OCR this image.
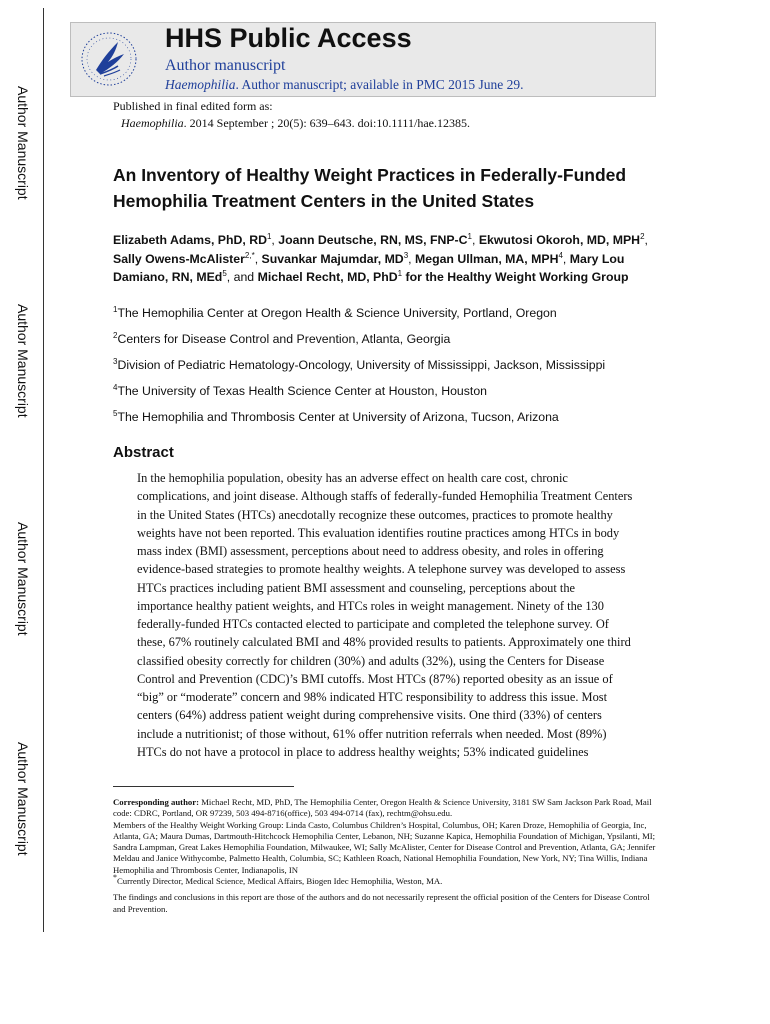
Author Manuscript
Author Manuscript
Author Manuscript
Author Manuscript
HHS Public Access
Author manuscript
Haemophilia. Author manuscript; available in PMC 2015 June 29.
Published in final edited form as:
Haemophilia. 2014 September ; 20(5): 639–643. doi:10.1111/hae.12385.
An Inventory of Healthy Weight Practices in Federally-Funded Hemophilia Treatment Centers in the United States
Elizabeth Adams, PhD, $RD^1$, Joann Deutsche, RN, MS, FNP-$C^1$, Ekwutosi Okoroh, MD, MPH$^2$, Sally Owens-McAlister$^{2,*}$, Suvankar Majumdar, $MD^3$, Megan Ullman, MA, MPH$^4$, Mary Lou Damiano, RN, MEd$^5$, and Michael Recht, MD, PhD$^1$ for the Healthy Weight Working Group
$^1$The Hemophilia Center at Oregon Health & Science University, Portland, Oregon
$^2$Centers for Disease Control and Prevention, Atlanta, Georgia
$^3$Division of Pediatric Hematology-Oncology, University of Mississippi, Jackson, Mississippi
$^4$The University of Texas Health Science Center at Houston, Houston
$^5$The Hemophilia and Thrombosis Center at University of Arizona, Tucson, Arizona
Abstract

In the hemophilia population, obesity has an adverse effect on health care cost, chronic complications, and joint disease. Although staffs of federally-funded Hemophilia Treatment Centers in the United States (HTCs) anecdotally recognize these outcomes, practices to promote healthy weights have not been reported. This evaluation identifies routine practices among HTCs in body mass index (BMI) assessment, perceptions about need to address obesity, and roles in offering evidence-based strategies to promote healthy weights. A telephone survey was developed to assess HTCs practices including patient BMI assessment and counseling, perceptions about the importance healthy patient weights, and HTCs roles in weight management. Ninety of the 130 federally-funded HTCs contacted elected to participate and completed the telephone survey. Of these, 67% routinely calculated BMI and 48% provided results to patients. Approximately one third classified obesity correctly for children (30%) and adults (32%), using the Centers for Disease Control and Prevention (CDC)’s BMI cutoffs. Most HTCs (87%) reported obesity as an issue of “big” or “moderate” concern and 98% indicated HTC responsibility to address this issue. Most centers (64%) address patient weight during comprehensive visits. One third (33%) of centers include a nutritionist; of those without, 61% offer nutrition referrals when needed. Most (89%) HTCs do not have a protocol in place to address healthy weights; 53% indicated guidelines

Corresponding author: Michael Recht, MD, PhD, The Hemophilia Center, Oregon Health & Science University, 3181 SW Sam Jackson Park Road, Mail code: CDRC, Portland, OR 97239, 503 494-8716(office), 503 494-0714 (fax), rechtm@ohsu.edu.

Members of the Healthy Weight Working Group: Linda Casto, Columbus Children’s Hospital, Columbus, OH; Karen Droze, Hemophilia of Georgia, Inc, Atlanta, GA; Maura Dumas, Dartmouth-Hitchcock Hemophilia Center, Lebanon, NH; Suzanne Kapica, Hemophilia Foundation of Michigan, Ypsilanti, MI; Sandra Lampman, Great Lakes Hemophilia Foundation, Milwaukee, WI; Sally McAlister, Center for Disease Control and Prevention, Atlanta, GA; Jennifer Meldau and Janice Withycombe, Palmetto Health, Columbia, SC; Kathleen Roach, National Hemophilia Foundation, New York, NY; Tina Willis, Indiana Hemophilia and Thrombosis Center, Indianapolis, IN

*Currently Director, Medical Science, Medical Affairs, Biogen Idec Hemophilia, Weston, MA.

The findings and conclusions in this report are those of the authors and do not necessarily represent the official position of the Centers for Disease Control and Prevention.
